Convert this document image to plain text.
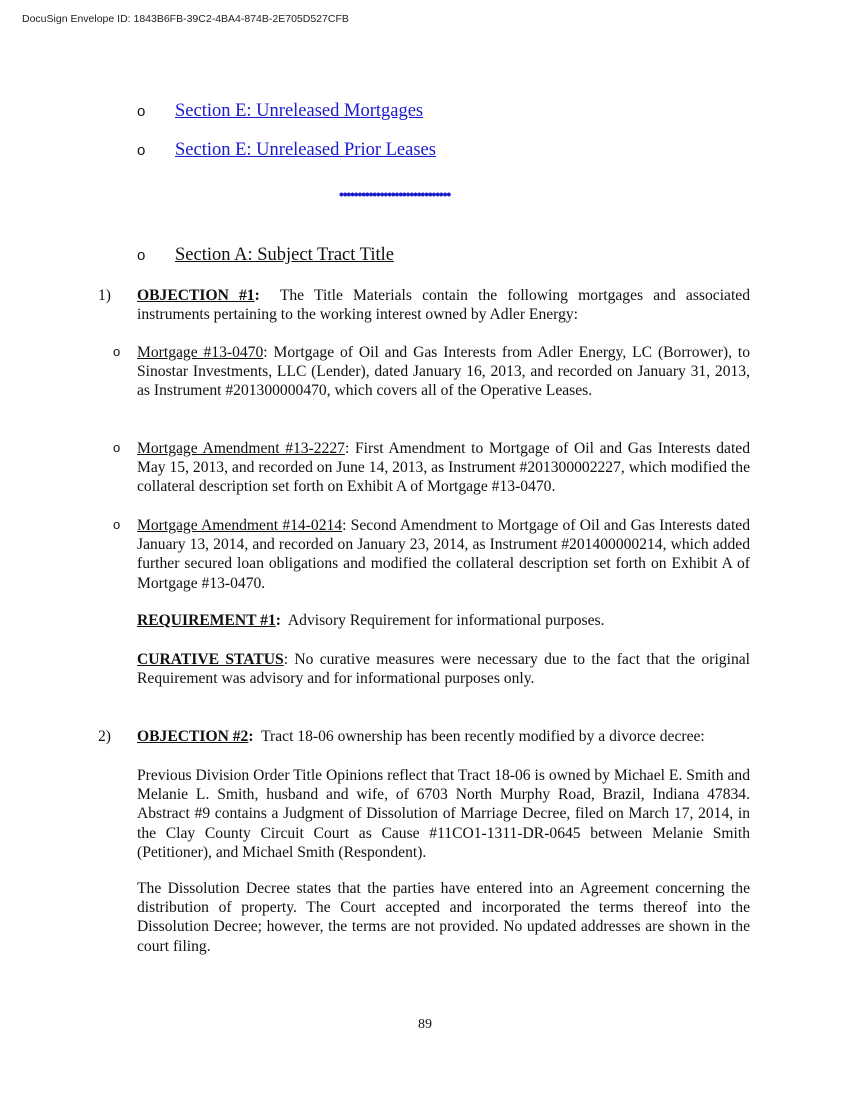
DocuSign Envelope ID: 1843B6FB-39C2-4BA4-874B-2E705D527CFB
o Section E: Unreleased Mortgages
o Section E: Unreleased Prior Leases
••••••••••••••••••••••••••••••
o Section A: Subject Tract Title
1) OBJECTION #1: The Title Materials contain the following mortgages and associated instruments pertaining to the working interest owned by Adler Energy:
o Mortgage #13-0470: Mortgage of Oil and Gas Interests from Adler Energy, LC (Borrower), to Sinostar Investments, LLC (Lender), dated January 16, 2013, and recorded on January 31, 2013, as Instrument #201300000470, which covers all of the Operative Leases.
o Mortgage Amendment #13-2227: First Amendment to Mortgage of Oil and Gas Interests dated May 15, 2013, and recorded on June 14, 2013, as Instrument #201300002227, which modified the collateral description set forth on Exhibit A of Mortgage #13-0470.
o Mortgage Amendment #14-0214: Second Amendment to Mortgage of Oil and Gas Interests dated January 13, 2014, and recorded on January 23, 2014, as Instrument #201400000214, which added further secured loan obligations and modified the collateral description set forth on Exhibit A of Mortgage #13-0470.
REQUIREMENT #1: Advisory Requirement for informational purposes.
CURATIVE STATUS: No curative measures were necessary due to the fact that the original Requirement was advisory and for informational purposes only.
2) OBJECTION #2: Tract 18-06 ownership has been recently modified by a divorce decree:
Previous Division Order Title Opinions reflect that Tract 18-06 is owned by Michael E. Smith and Melanie L. Smith, husband and wife, of 6703 North Murphy Road, Brazil, Indiana 47834. Abstract #9 contains a Judgment of Dissolution of Marriage Decree, filed on March 17, 2014, in the Clay County Circuit Court as Cause #11CO1-1311-DR-0645 between Melanie Smith (Petitioner), and Michael Smith (Respondent).
The Dissolution Decree states that the parties have entered into an Agreement concerning the distribution of property. The Court accepted and incorporated the terms thereof into the Dissolution Decree; however, the terms are not provided. No updated addresses are shown in the court filing.
89
